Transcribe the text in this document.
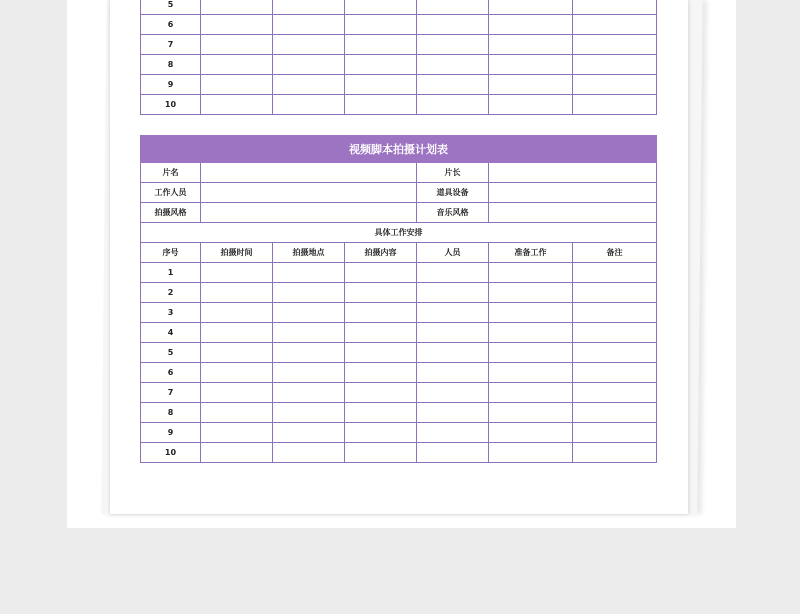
5						
6						
7						
8						
9						
10						
视频脚本拍摄计划表						
片名				片长		
工作人员				道具设备		
拍摄风格				音乐风格		
具体工作安排						
序号	拍摄时间	拍摄地点	拍摄内容	人员	准备工作	备注
1						
2						
3						
4						
5						
6						
7						
8						
9						
10						
